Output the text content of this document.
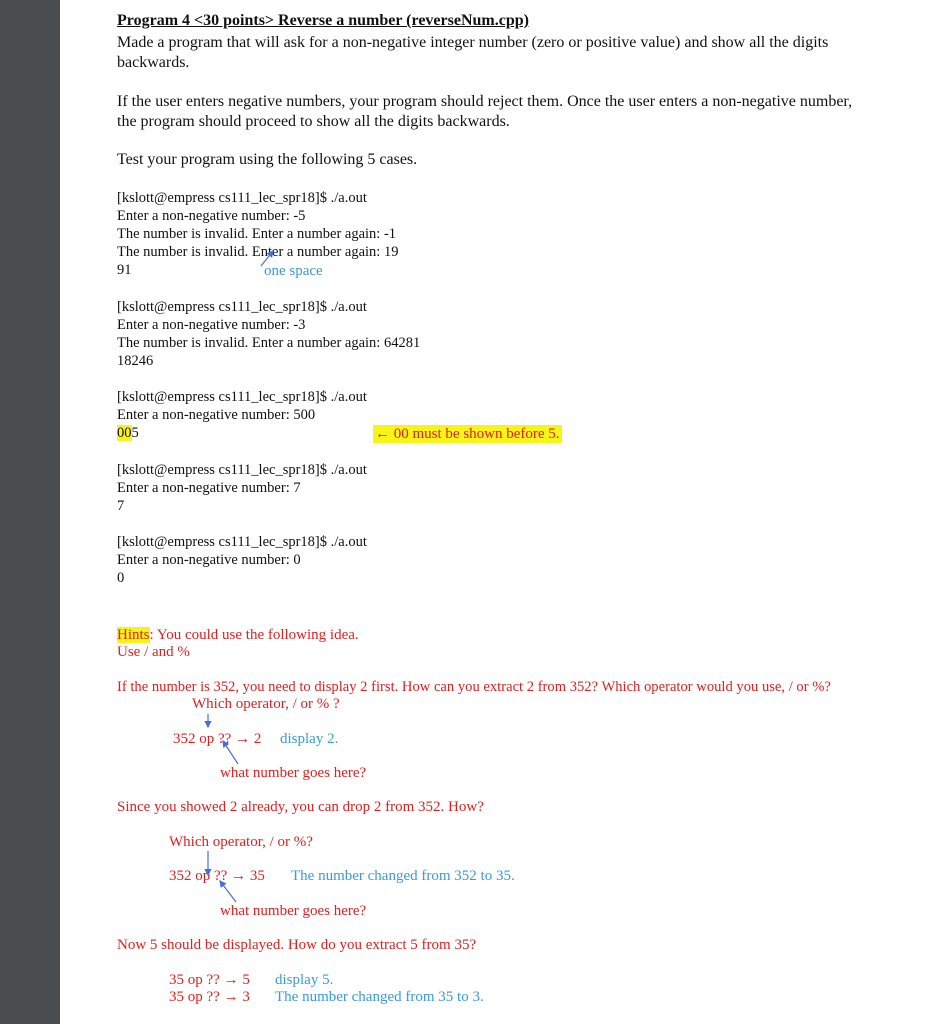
Program 4 <30 points> Reverse a number (reverseNum.cpp)
Made a program that will ask for a non-negative integer number (zero or positive value) and show all the digits backwards.
If the user enters negative numbers, your program should reject them. Once the user enters a non-negative number, the program should proceed to show all the digits backwards.
Test your program using the following 5 cases.
[kslott@empress cs111_lec_spr18]$ ./a.out
Enter a non-negative number: -5
The number is invalid. Enter a number again: -1
The number is invalid. Enter a number again: 19
91	one space
[kslott@empress cs111_lec_spr18]$ ./a.out
Enter a non-negative number: -3
The number is invalid. Enter a number again: 64281
18246
[kslott@empress cs111_lec_spr18]$ ./a.out
Enter a non-negative number: 500
005	← 00 must be shown before 5.
[kslott@empress cs111_lec_spr18]$ ./a.out
Enter a non-negative number: 7
7
[kslott@empress cs111_lec_spr18]$ ./a.out
Enter a non-negative number: 0
0
Hints: You could use the following idea.
Use / and %
If the number is 352, you need to display 2 first. How can you extract 2 from 352? Which operator would you use, / or %?
Which operator, / or % ?
352 op ?? → 2 display 2.
what number goes here?
Since you showed 2 already, you can drop 2 from 352. How?
Which operator, / or %?
352 op ?? → 35 The number changed from 352 to 35.
what number goes here?
Now 5 should be displayed. How do you extract 5 from 35?
35 op ?? → 5 display 5.
35 op ?? → 3 The number changed from 35 to 3.
